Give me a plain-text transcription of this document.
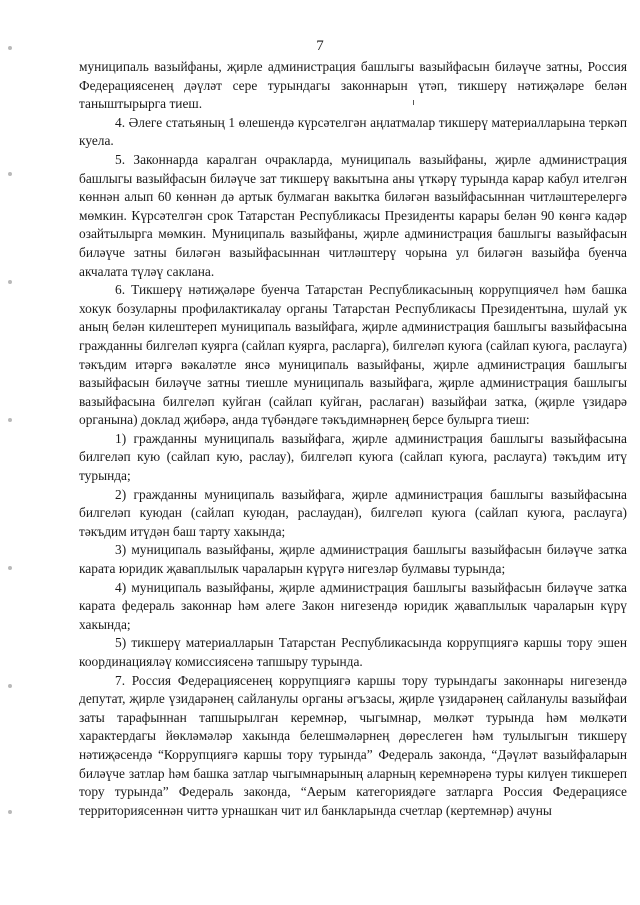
7

муниципаль вазыйфаны, җирле администрация башлыгы вазыйфасын биләүче затны, Россия Федерациясенең дәүләт сере турындагы законнарын үтәп, тикшерү нәтиҗәләре белән таныштырырга тиеш.

4. Әлеге статьяның 1 өлешендә күрсәтелгән аңлатмалар тикшерү материалларына теркәп куела.

5. Законнарда каралган очракларда, муниципаль вазыйфаны, җирле администрация башлыгы вазыйфасын биләүче зат тикшерү вакытына аны үткәрү турында карар кабул ителгән көннән алып 60 көннән дә артык булмаган вакытка биләгән вазыйфасыннан читләштерелергә мөмкин. Күрсәтелгән срок Татарстан Республикасы Президенты карары белән 90 көнгә кадәр озайтылырга мөмкин. Муниципаль вазыйфаны, җирле администрация башлыгы вазыйфасын биләүче затны биләгән вазыйфасыннан читләштерү чорына ул биләгән вазыйфа буенча акчалата түләү саклана.

6. Тикшерү нәтиҗәләре буенча Татарстан Республикасының коррупциячел һәм башка хокук бозуларны профилактикалау органы Татарстан Республикасы Президентына, шулай ук аның белән килештереп муниципаль вазыйфага, җирле администрация башлыгы вазыйфасына гражданны билгеләп куярга (сайлап куярга, расларга), билгеләп куюга (сайлап куюга, раслауга) тәкъдим итәргә вәкаләтле янсә муниципаль вазыйфаны, җирле администрация башлыгы вазыйфасын биләүче затны тиешле муниципаль вазыйфага, җирле администрация башлыгы вазыйфасына билгеләп куйган (сайлап куйган, раслаган) вазыйфаи затка, (җирле үзидарә органына) доклад җибәрә, анда түбәндәге тәкъдимнәрнең берсе булырга тиеш:

1) гражданны муниципаль вазыйфага, җирле администрация башлыгы вазыйфасына билгеләп кую (сайлап кую, раслау), билгеләп куюга (сайлап куюга, раслауга) тәкъдим итү турында;

2) гражданны муниципаль вазыйфага, җирле администрация башлыгы вазыйфасына билгеләп куюдан (сайлап куюдан, раслаудан), билгеләп куюга (сайлап куюга, раслауга) тәкъдим итүдән баш тарту хакында;

3) муниципаль вазыйфаны, җирле администрация башлыгы вазыйфасын биләүче затка карата юридик җаваплылык чараларын күрүгә нигезләр булмавы турында;

4) муниципаль вазыйфаны, җирле администрация башлыгы вазыйфасын биләүче затка карата федераль законнар һәм әлеге Закон нигезендә юридик җаваплылык чараларын күрү хакында;

5) тикшерү материалларын Татарстан Республикасында коррупциягә каршы тору эшен координацияләү комиссиясенә тапшыру турында.

7. Россия Федерациясенең коррупциягә каршы тору турындагы законнары нигезендә депутат, җирле үзидарәнең сайланулы органы әгъзасы, җирле үзидарәнең сайланулы вазыйфаи заты тарафыннан тапшырылган керемнәр, чыгымнар, мөлкәт турында һәм мөлкәти характердагы йөкләмәләр хакында белешмәләрнең дөреслеген һәм тулылыгын тикшерү нәтиҗәсендә “Коррупциягә каршы тору турында” Федераль законда, “Дәүләт вазыйфаларын биләүче затлар һәм башка затлар чыгымнарының аларның керемнәренә туры килүен тикшереп тору турында” Федераль законда, “Аерым категориядәге затларга Россия Федерациясе территориясеннән читтә урнашкан чит ил банкларында счетлар (кертемнәр) ачуны
